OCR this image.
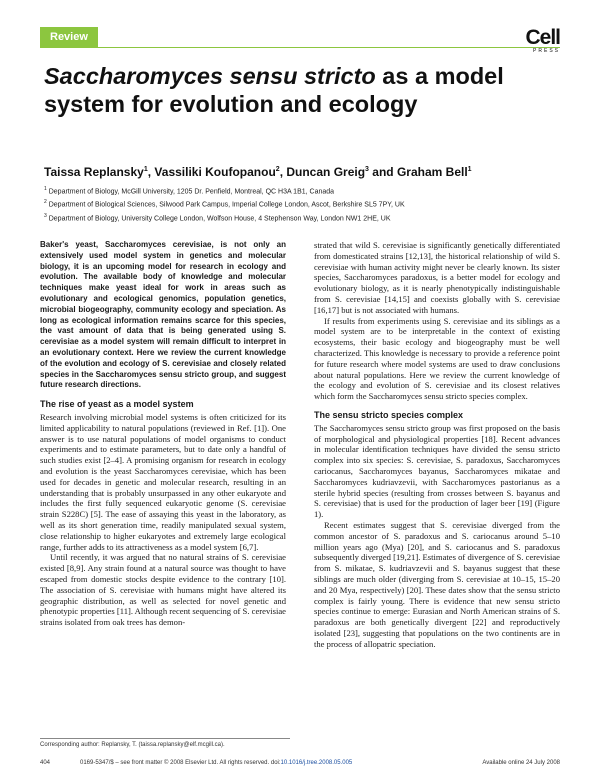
Review	Cell
PRESS
Saccharomyces sensu stricto as a model system for evolution and ecology
Taissa Replansky$^1$, Vassiliki Koufopanou$^2$, Duncan Greig$^3$ and Graham Bell$^1$
$^1$ Department of Biology, McGill University, 1205 Dr. Penfield, Montreal, QC H3A 1B1, Canada
$^2$ Department of Biological Sciences, Silwood Park Campus, Imperial College London, Ascot, Berkshire SL5 7PY, UK
$^3$ Department of Biology, University College London, Wolfson House, 4 Stephenson Way, London NW1 2HE, UK

Baker's yeast, Saccharomyces cerevisiae, is not only an extensively used model system in genetics and molecular biology, it is an upcoming model for research in ecology and evolution. The available body of knowledge and molecular techniques make yeast ideal for work in areas such as evolutionary and ecological genomics, population genetics, microbial biogeography, community ecology and speciation. As long as ecological information remains scarce for this species, the vast amount of data that is being generated using S. cerevisiae as a model system will remain difficult to interpret in an evolutionary context. Here we review the current knowledge of the evolution and ecology of S. cerevisiae and closely related species in the Saccharomyces sensu stricto group, and suggest future research directions.

The rise of yeast as a model system

Research involving microbial model systems is often criticized for its limited applicability to natural populations (reviewed in Ref. [1]). One answer is to use natural populations of model organisms to conduct experiments and to estimate parameters, but to date only a handful of such studies exist [2–4]. A promising organism for research in ecology and evolution is the yeast Saccharomyces cerevisiae, which has been used for decades in genetic and molecular research, resulting in an understanding that is probably unsurpassed in any other eukaryote and includes the first fully sequenced eukaryotic genome (S. cerevisiae strain S228C) [5]. The ease of assaying this yeast in the laboratory, as well as its short generation time, readily manipulated sexual system, close relationship to higher eukaryotes and extremely large ecological range, further adds to its attractiveness as a model system [6,7].

Until recently, it was argued that no natural strains of S. cerevisiae existed [8,9]. Any strain found at a natural source was thought to have escaped from domestic stocks despite evidence to the contrary [10]. The association of S. cerevisiae with humans might have altered its geographic distribution, as well as selected for novel genetic and phenotypic properties [11]. Although recent sequencing of S. cerevisiae strains isolated from oak trees has demon-

strated that wild S. cerevisiae is significantly genetically differentiated from domesticated strains [12,13], the historical relationship of wild S. cerevisiae with human activity might never be clearly known. Its sister species, Saccharomyces paradoxus, is a better model for ecology and evolutionary biology, as it is nearly phenotypically indistinguishable from S. cerevisiae [14,15] and coexists globally with S. cerevisiae [16,17] but is not associated with humans.

If results from experiments using S. cerevisiae and its siblings as a model system are to be interpretable in the context of existing ecosystems, their basic ecology and biogeography must be well characterized. This knowledge is necessary to provide a reference point for future research where model systems are used to draw conclusions about natural populations. Here we review the current knowledge of the ecology and evolution of S. cerevisiae and its closest relatives which form the Saccharomyces sensu stricto species complex.

The sensu stricto species complex

The Saccharomyces sensu stricto group was first proposed on the basis of morphological and physiological properties [18]. Recent advances in molecular identification techniques have divided the sensu stricto complex into six species: S. cerevisiae, S. paradoxus, Saccharomyces cariocanus, Saccharomyces bayanus, Saccharomyces mikatae and Saccharomyces kudriavzevii, with Saccharomyces pastorianus as a sterile hybrid species (resulting from crosses between S. bayanus and S. cerevisiae) that is used for the production of lager beer [19] (Figure 1).

Recent estimates suggest that S. cerevisiae diverged from the common ancestor of S. paradoxus and S. cariocanus around 5–10 million years ago (Mya) [20], and S. cariocanus and S. paradoxus subsequently diverged [19,21]. Estimates of divergence of S. cerevisiae from S. mikatae, S. kudriavzevii and S. bayanus suggest that these siblings are much older (diverging from S. cerevisiae at 10–15, 15–20 and 20 Mya, respectively) [20]. These dates show that the sensu stricto complex is fairly young. There is evidence that new sensu stricto species continue to emerge: Eurasian and North American strains of S. paradoxus are both genetically divergent [22] and reproductively isolated [23], suggesting that populations on the two continents are in the process of allopatric speciation.

Corresponding author: Replansky, T. (taissa.replansky@elf.mcgill.ca).
404	0169-5347/$ – see front matter © 2008 Elsevier Ltd. All rights reserved. doi:10.1016/j.tree.2008.05.005	Available online 24 July 2008
